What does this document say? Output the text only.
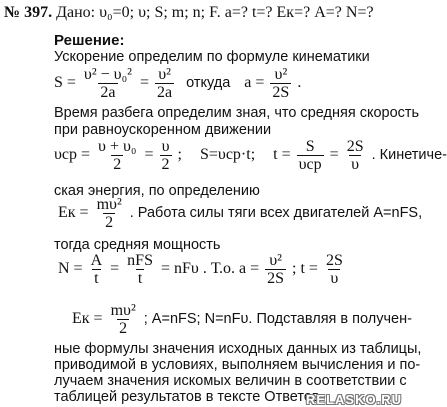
№ 397. Дано: υ₀=0; υ; S; m; n; F. a=? t=? Eк=? A=? N=?
Решение:
Ускорение определим по формуле кинематики
$S = \frac{\text{υ² − υ₀²}}{2a} = \frac{\text{υ²}}{2a}$ откуда $a = \frac{\text{υ²}}{2S}$ .
Время разбега определим зная, что средняя скорость
при равноускоренном движении
$\upsilon ср = \frac{\text{υ + υ₀}}{2} = \frac{\upsilon}{2}$ ; S=υср·t; $t = \frac{S}{\text{υср}} = \frac{2S}{\upsilon}$ . Кинетиче-
ская энергия, по определению
Eк = $\frac{\text{mυ²}}{2}$ . Работа силы тяги всех двигателей A=nFS,
тогда средняя мощность
$N = \frac{A}{t} = \frac{\text{nFS}}{t} = nF\upsilon$ . Т.о. $a = \frac{\text{υ²}}{2S}$ ; $t = \frac{2S}{\upsilon}$
Eк = $\frac{\text{mυ²}}{2}$ ; A=nFS; N=nFυ. Подставляя в получен-
ные формулы значения исходных данных из таблицы,
приводимой в условиях, выполняем вычисления и по-
лучаем значения искомых величин в соответствии с
таблицей результатов в тексте Ответов.
RELASKO.RU
